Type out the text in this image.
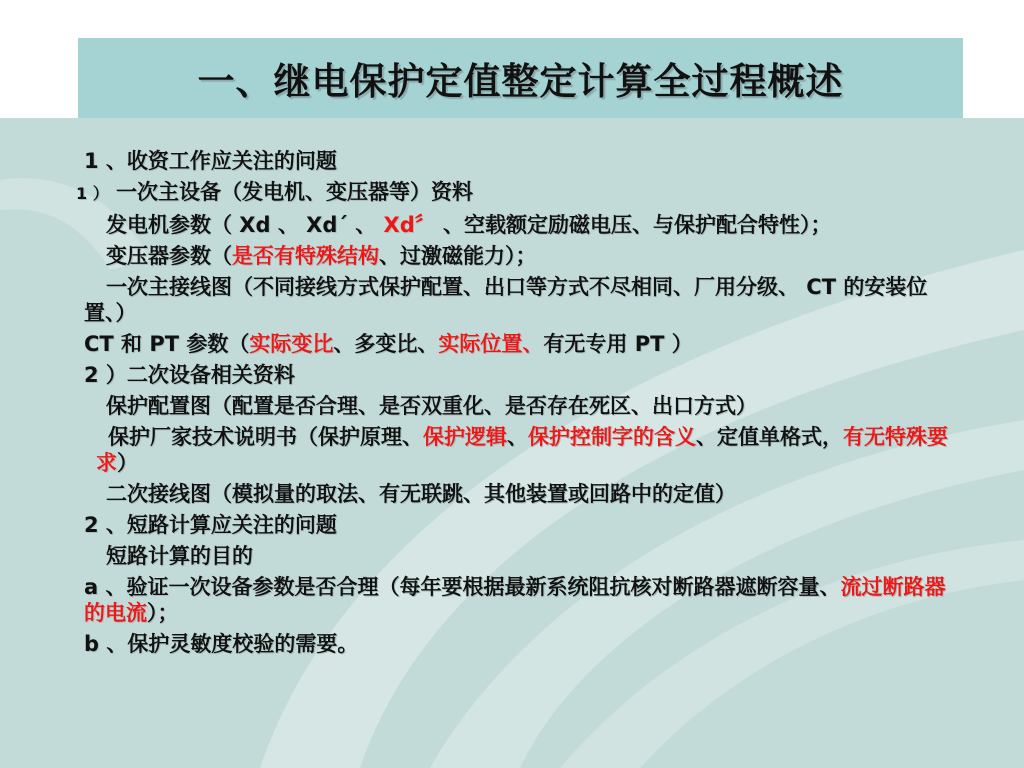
一、继电保护定值整定计算全过程概述

1 、收资工作应关注的问题

1 ） 一次主设备（发电机、变压器等）资料

发电机参数（ Xd 、 Xd´ 、 Xd〞 、空载额定励磁电压、与保护配合特性）；

变压器参数（是否有特殊结构、过激磁能力）；

一次主接线图（不同接线方式保护配置、出口等方式不尽相同、厂用分级、 CT 的安装位置、）

CT 和 PT 参数（实际变比、多变比、实际位置、有无专用 PT ）

2 ）二次设备相关资料

保护配置图（配置是否合理、是否双重化、是否存在死区、出口方式）

保护厂家技术说明书（保护原理、保护逻辑、保护控制字的含义、定值单格式，有无特殊要求）

二次接线图（模拟量的取法、有无联跳、其他装置或回路中的定值）

2 、短路计算应关注的问题

短路计算的目的

a 、验证一次设备参数是否合理（每年要根据最新系统阻抗核对断路器遮断容量、流过断路器的电流）；

b 、保护灵敏度校验的需要。
